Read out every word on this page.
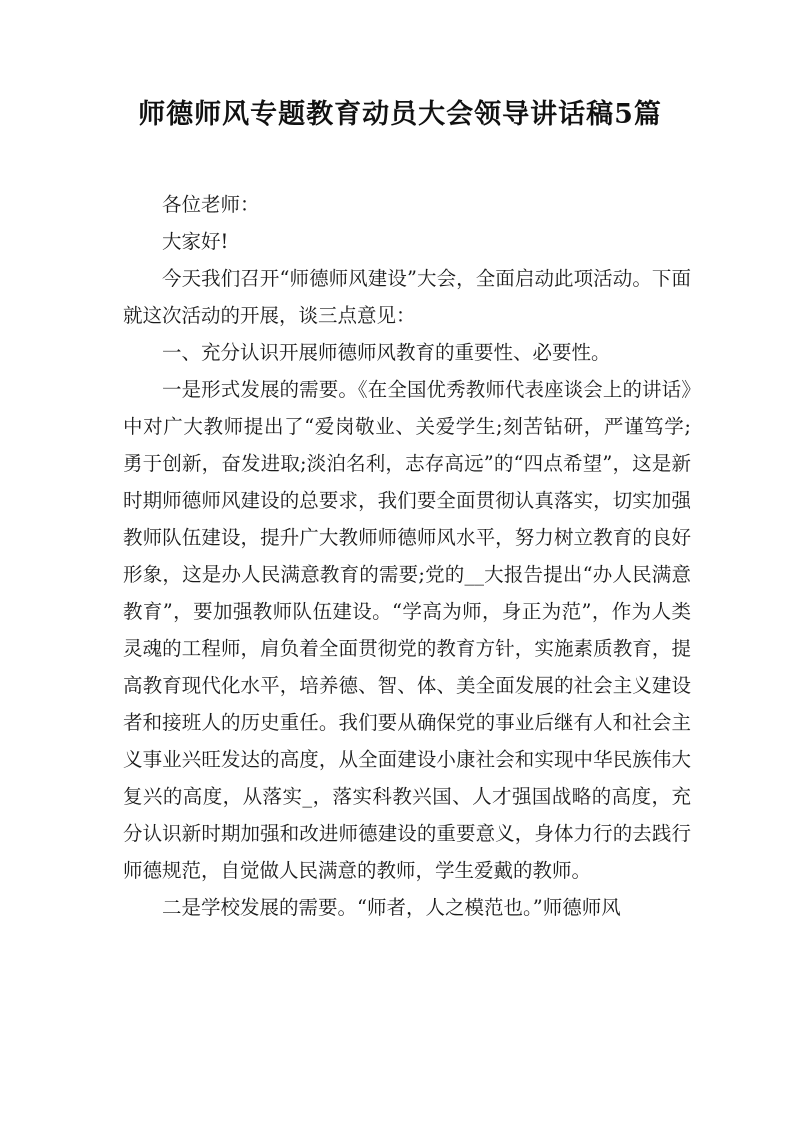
师德师风专题教育动员大会领导讲话稿5篇

各位老师：

大家好!

今天我们召开“师德师风建设”大会，全面启动此项活动。下面就这次活动的开展，谈三点意见：

一、充分认识开展师德师风教育的重要性、必要性。

一是形式发展的需要。《在全国优秀教师代表座谈会上的讲话》中对广大教师提出了“爱岗敬业、关爱学生;刻苦钻研，严谨笃学;勇于创新，奋发进取;淡泊名利，志存高远”的“四点希望”，这是新时期师德师风建设的总要求，我们要全面贯彻认真落实，切实加强教师队伍建设，提升广大教师师德师风水平，努力树立教育的良好形象，这是办人民满意教育的需要;党的__大报告提出“办人民满意教育”，要加强教师队伍建设。“学高为师，身正为范”，作为人类灵魂的工程师，肩负着全面贯彻党的教育方针，实施素质教育，提高教育现代化水平，培养德、智、体、美全面发展的社会主义建设者和接班人的历史重任。我们要从确保党的事业后继有人和社会主义事业兴旺发达的高度，从全面建设小康社会和实现中华民族伟大复兴的高度，从落实_，落实科教兴国、人才强国战略的高度，充分认识新时期加强和改进师德建设的重要意义，身体力行的去践行师德规范，自觉做人民满意的教师，学生爱戴的教师。

二是学校发展的需要。“师者，人之模范也。”师德师风
